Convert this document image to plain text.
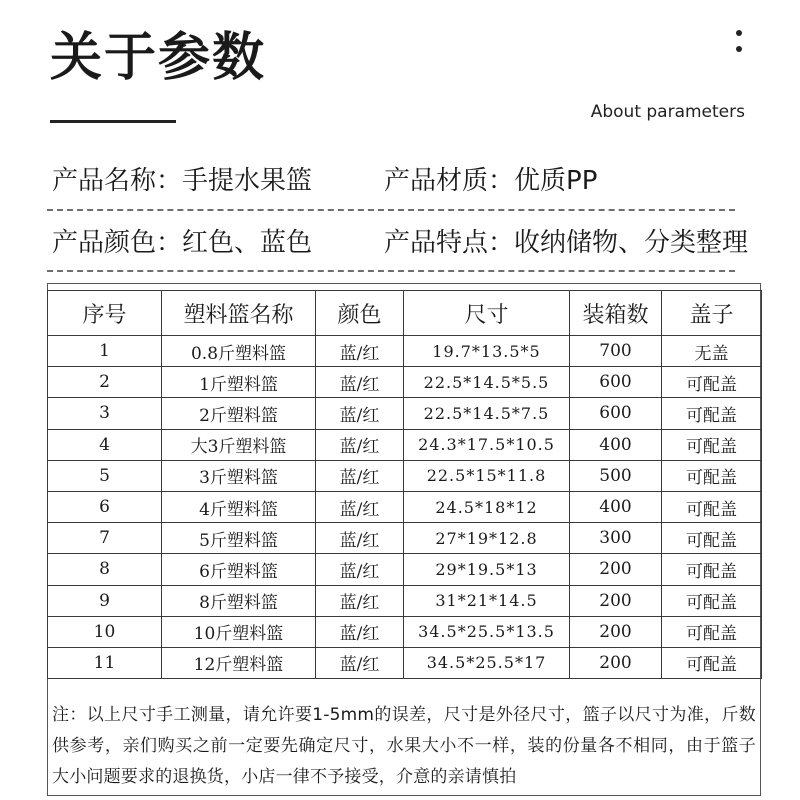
关于参数
About parameters
产品名称：手提水果篮	产品材质：优质PP
产品颜色：红色、蓝色	产品特点：收纳储物、分类整理
序号	塑料篮名称	颜色	尺寸	装箱数	盖子
1	0.8斤塑料篮	蓝/红	19.7*13.5*5	700	无盖
2	1斤塑料篮	蓝/红	22.5*14.5*5.5	600	可配盖
3	2斤塑料篮	蓝/红	22.5*14.5*7.5	600	可配盖
4	大3斤塑料篮	蓝/红	24.3*17.5*10.5	400	可配盖
5	3斤塑料篮	蓝/红	22.5*15*11.8	500	可配盖
6	4斤塑料篮	蓝/红	24.5*18*12	400	可配盖
7	5斤塑料篮	蓝/红	27*19*12.8	300	可配盖
8	6斤塑料篮	蓝/红	29*19.5*13	200	可配盖
9	8斤塑料篮	蓝/红	31*21*14.5	200	可配盖
10	10斤塑料篮	蓝/红	34.5*25.5*13.5	200	可配盖
11	12斤塑料篮	蓝/红	34.5*25.5*17	200	可配盖
注：以上尺寸手工测量，请允许要1-5mm的误差，尺寸是外径尺寸，篮子以尺寸为准，斤数供参考，亲们购买之前一定要先确定尺寸，水果大小不一样，装的份量各不相同，由于篮子大小问题要求的退换货，小店一律不予接受，介意的亲请慎拍
